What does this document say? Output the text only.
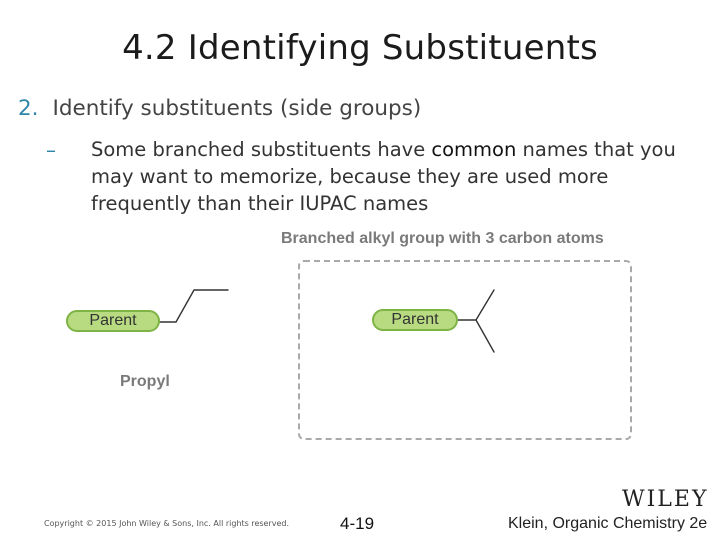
4.2 Identifying Substituents
2. Identify substituents (side groups)
– Some branched substituents have common names that you may want to memorize, because they are used more frequently than their IUPAC names
Branched alkyl group with 3 carbon atoms
Parent	Parent
Propyl
Copyright © 2015 John Wiley & Sons, Inc. All rights reserved.	4-19
WILEY
Klein, Organic Chemistry 2e
